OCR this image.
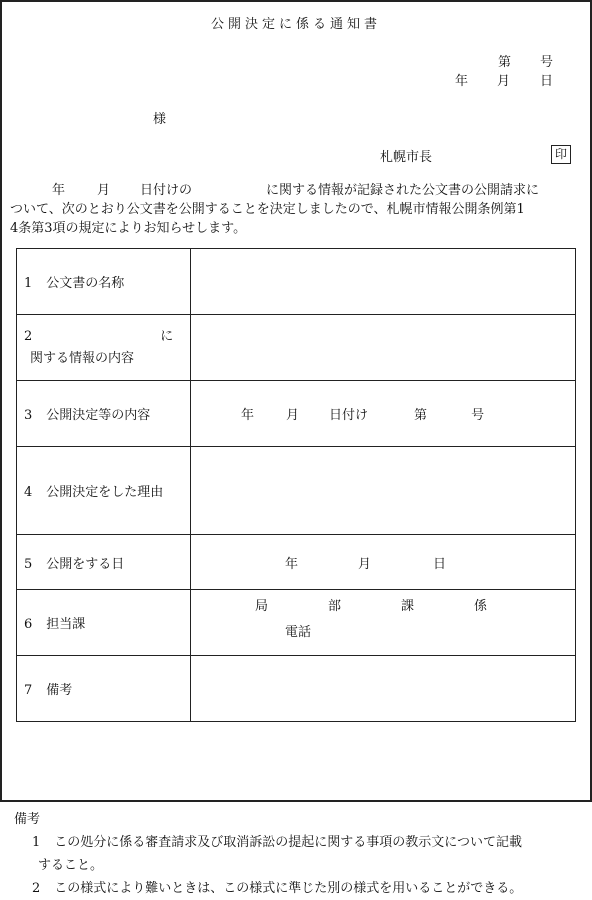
公開決定に係る通知書
第 号
年 月 日
様
札幌市長	印
年 月 日付けの	に関する情報が記録された公文書の公開請求に
ついて、次のとおり公文書を公開することを決定しましたので、札幌市情報公開条例第1
4条第3項の規定によりお知らせします。
1 公文書の名称	

2 に
関する情報の内容	

3 公開決定等の内容	年 月 日付け 第 号
4 公開決定をした理由	
5 公開をする日	年 月 日
6 担当課	局 部 課 係
電話

7 備考	
備考
1 この処分に係る審査請求及び取消訴訟の提起に関する事項の教示文について記載
すること。
2 この様式により難いときは、この様式に準じた別の様式を用いることができる。
